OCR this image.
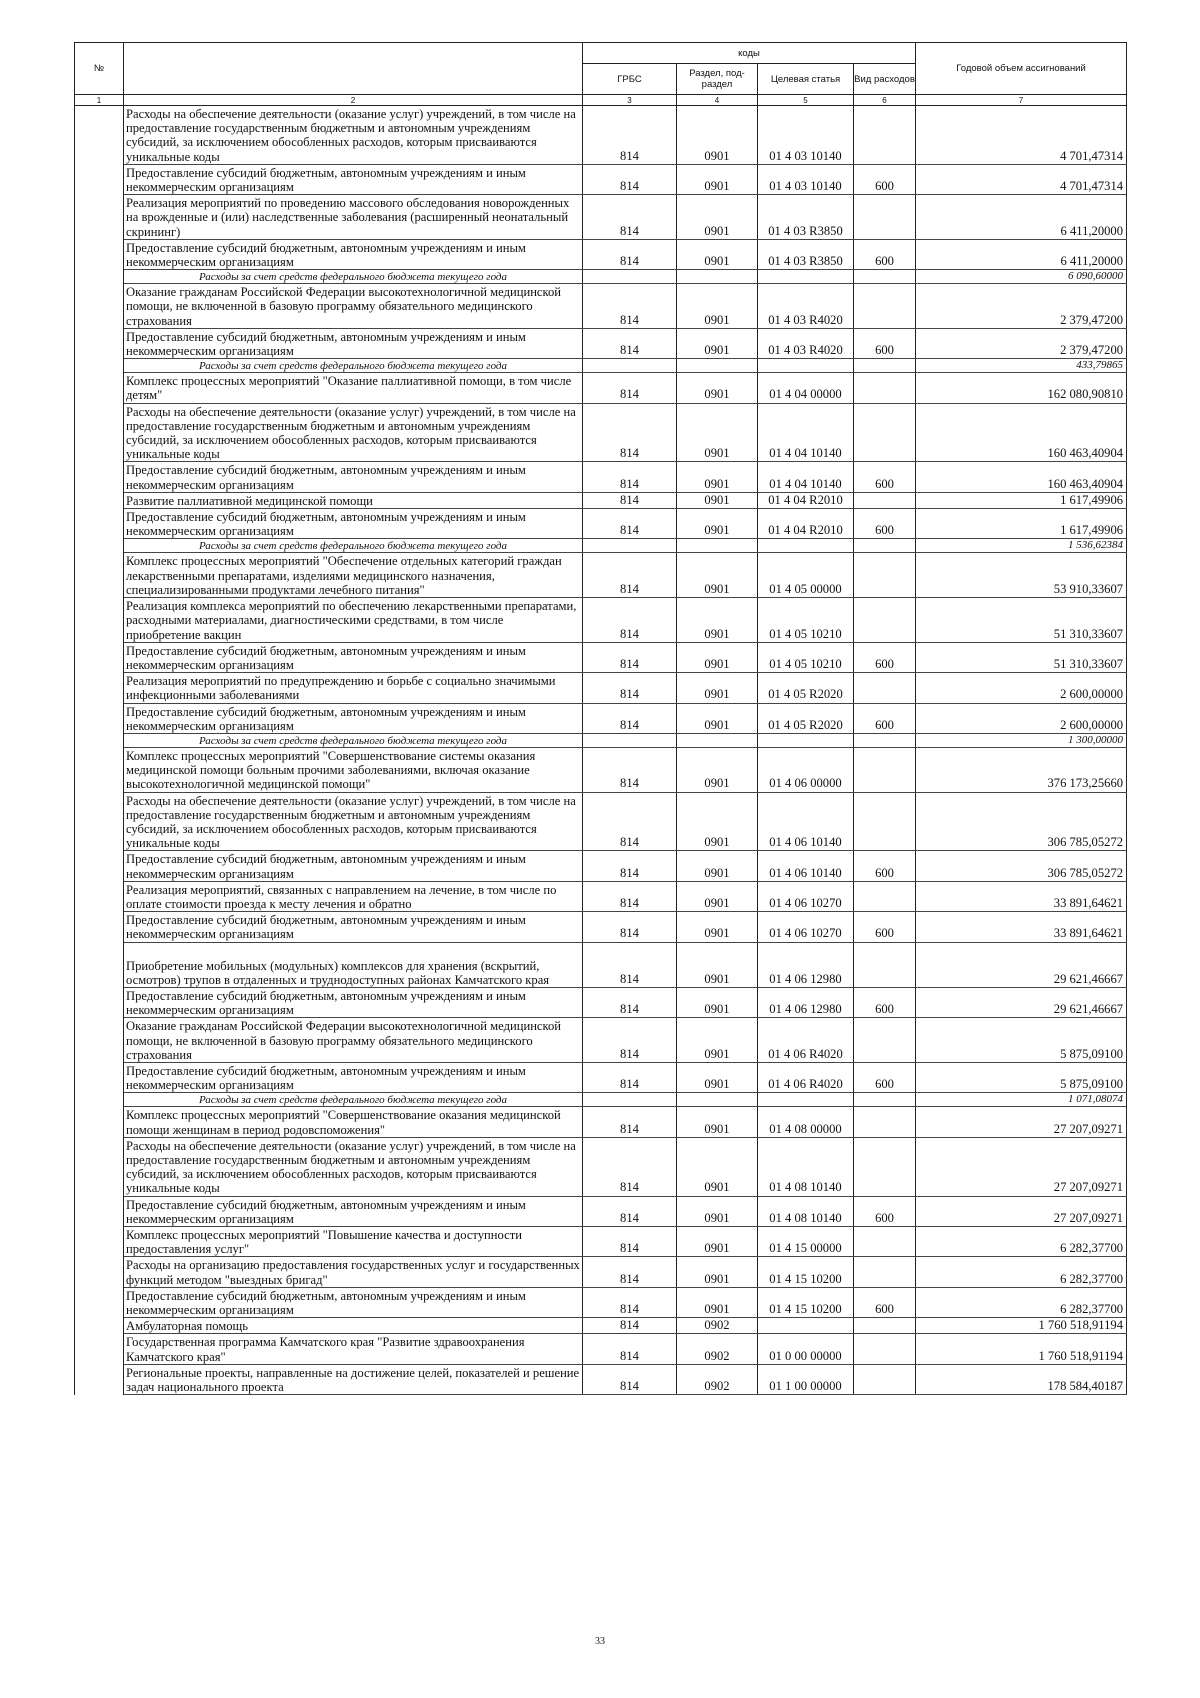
№		коды				Годовой объем ассигнований
		ГРБС	Раздел, под-раздел	Целевая статья	Вид расходов	
1	2	3	4	5	6	7
	Расходы на обеспечение деятельности (оказание услуг) учреждений, в том числе на предоставление государственным бюджетным и автономным учреждениям субсидий, за исключением обособленных расходов, которым присваиваются уникальные коды	814	0901	01 4 03 10140		4 701,47314
	Предоставление субсидий бюджетным, автономным учреждениям и иным некоммерческим организациям	814	0901	01 4 03 10140	600	4 701,47314
	Реализация мероприятий по проведению массового обследования новорожденных на врожденные и (или) наследственные заболевания (расширенный неонатальный скрининг)	814	0901	01 4 03 R3850		6 411,20000
	Предоставление субсидий бюджетным, автономным учреждениям и иным некоммерческим организациям	814	0901	01 4 03 R3850	600	6 411,20000
	Расходы за счет средств федерального бюджета текущего года					6 090,60000
	Оказание гражданам Российской Федерации высокотехнологичной медицинской помощи, не включенной в базовую программу обязательного медицинского страхования	814	0901	01 4 03 R4020		2 379,47200
	Предоставление субсидий бюджетным, автономным учреждениям и иным некоммерческим организациям	814	0901	01 4 03 R4020	600	2 379,47200
	Расходы за счет средств федерального бюджета текущего года					433,79865
	Комплекс процессных мероприятий "Оказание паллиативной помощи, в том числе детям"	814	0901	01 4 04 00000		162 080,90810
	Расходы на обеспечение деятельности (оказание услуг) учреждений, в том числе на предоставление государственным бюджетным и автономным учреждениям субсидий, за исключением обособленных расходов, которым присваиваются уникальные коды	814	0901	01 4 04 10140		160 463,40904
	Предоставление субсидий бюджетным, автономным учреждениям и иным некоммерческим организациям	814	0901	01 4 04 10140	600	160 463,40904
	Развитие паллиативной медицинской помощи	814	0901	01 4 04 R2010		1 617,49906
	Предоставление субсидий бюджетным, автономным учреждениям и иным некоммерческим организациям	814	0901	01 4 04 R2010	600	1 617,49906
	Расходы за счет средств федерального бюджета текущего года					1 536,62384
	Комплекс процессных мероприятий "Обеспечение отдельных категорий граждан лекарственными препаратами, изделиями медицинского назначения, специализированными продуктами лечебного питания"	814	0901	01 4 05 00000		53 910,33607
	Реализация комплекса мероприятий по обеспечению лекарственными препаратами, расходными материалами, диагностическими средствами, в том числе приобретение вакцин	814	0901	01 4 05 10210		51 310,33607
	Предоставление субсидий бюджетным, автономным учреждениям и иным некоммерческим организациям	814	0901	01 4 05 10210	600	51 310,33607
	Реализация мероприятий по предупреждению и борьбе с социально значимыми инфекционными заболеваниями	814	0901	01 4 05 R2020		2 600,00000
	Предоставление субсидий бюджетным, автономным учреждениям и иным некоммерческим организациям	814	0901	01 4 05 R2020	600	2 600,00000
	Расходы за счет средств федерального бюджета текущего года					1 300,00000
	Комплекс процессных мероприятий "Совершенствование системы оказания медицинской помощи больным прочими заболеваниями, включая оказание высокотехнологичной медицинской помощи"	814	0901	01 4 06 00000		376 173,25660
	Расходы на обеспечение деятельности (оказание услуг) учреждений, в том числе на предоставление государственным бюджетным и автономным учреждениям субсидий, за исключением обособленных расходов, которым присваиваются уникальные коды	814	0901	01 4 06 10140		306 785,05272
	Предоставление субсидий бюджетным, автономным учреждениям и иным некоммерческим организациям	814	0901	01 4 06 10140	600	306 785,05272
	Реализация мероприятий, связанных с направлением на лечение, в том числе по оплате стоимости проезда к месту лечения и обратно	814	0901	01 4 06 10270		33 891,64621
	Предоставление субсидий бюджетным, автономным учреждениям и иным некоммерческим организациям	814	0901	01 4 06 10270	600	33 891,64621
	Приобретение мобильных (модульных) комплексов для хранения (вскрытий, осмотров) трупов в отдаленных и труднодоступных районах Камчатского края	814	0901	01 4 06 12980		29 621,46667
	Предоставление субсидий бюджетным, автономным учреждениям и иным некоммерческим организациям	814	0901	01 4 06 12980	600	29 621,46667
	Оказание гражданам Российской Федерации высокотехнологичной медицинской помощи, не включенной в базовую программу обязательного медицинского страхования	814	0901	01 4 06 R4020		5 875,09100
	Предоставление субсидий бюджетным, автономным учреждениям и иным некоммерческим организациям	814	0901	01 4 06 R4020	600	5 875,09100
	Расходы за счет средств федерального бюджета текущего года					1 071,08074
	Комплекс процессных мероприятий "Совершенствование оказания медицинской помощи женщинам в период родовспоможения"	814	0901	01 4 08 00000		27 207,09271
	Расходы на обеспечение деятельности (оказание услуг) учреждений, в том числе на предоставление государственным бюджетным и автономным учреждениям субсидий, за исключением обособленных расходов, которым присваиваются уникальные коды	814	0901	01 4 08 10140		27 207,09271
	Предоставление субсидий бюджетным, автономным учреждениям и иным некоммерческим организациям	814	0901	01 4 08 10140	600	27 207,09271
	Комплекс процессных мероприятий "Повышение качества и доступности предоставления услуг"	814	0901	01 4 15 00000		6 282,37700
	Расходы на организацию предоставления государственных услуг и государственных функций методом "выездных бригад"	814	0901	01 4 15 10200		6 282,37700
	Предоставление субсидий бюджетным, автономным учреждениям и иным некоммерческим организациям	814	0901	01 4 15 10200	600	6 282,37700
	Амбулаторная помощь	814	0902			1 760 518,91194
	Государственная программа Камчатского края "Развитие здравоохранения Камчатского края"	814	0902	01 0 00 00000		1 760 518,91194
	Региональные проекты, направленные на достижение целей, показателей и решение задач национального проекта	814	0902	01 1 00 00000		178 584,40187
33
